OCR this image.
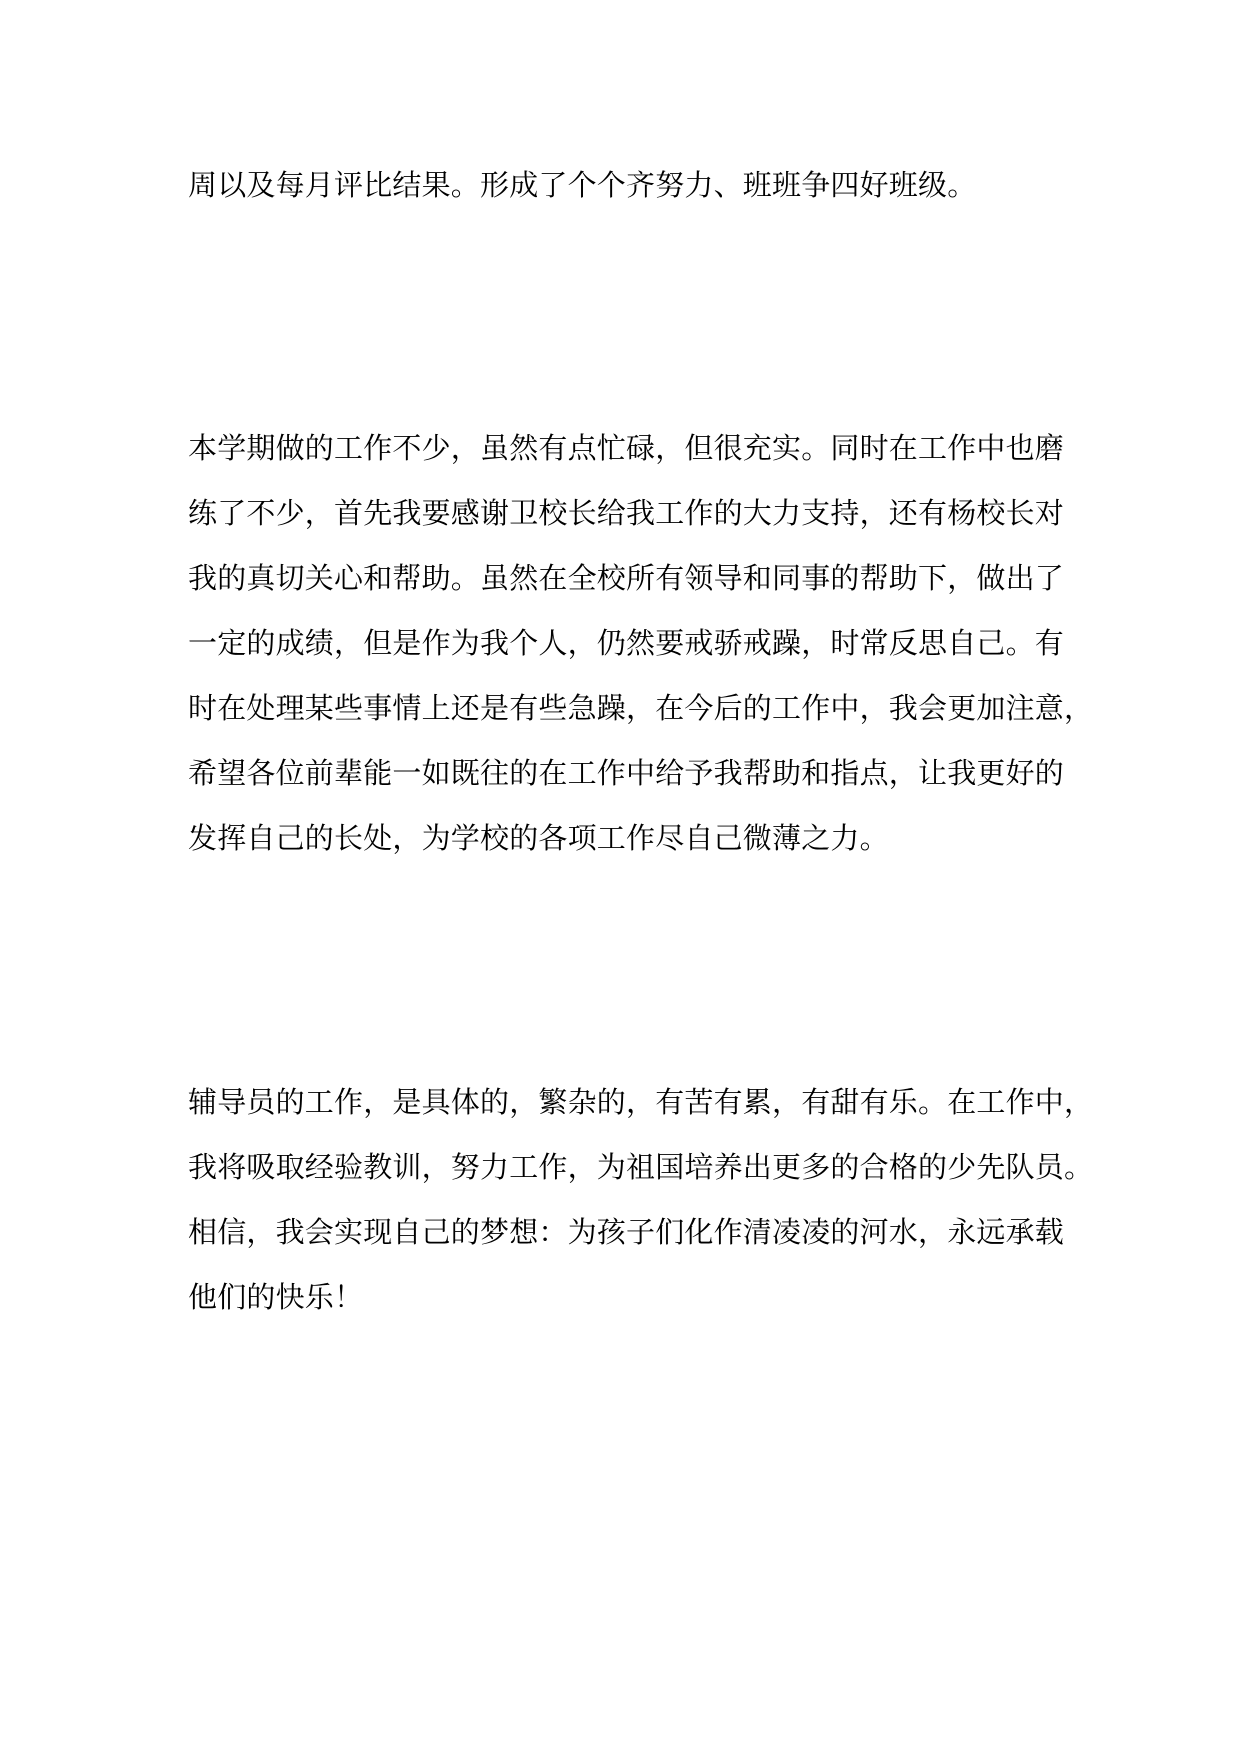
周以及每月评比结果。形成了个个齐努力、班班争四好班级。
本学期做的工作不少，虽然有点忙碌，但很充实。同时在工作中也磨
练了不少，首先我要感谢卫校长给我工作的大力支持，还有杨校长对
我的真切关心和帮助。虽然在全校所有领导和同事的帮助下，做出了
一定的成绩，但是作为我个人，仍然要戒骄戒躁，时常反思自己。有
时在处理某些事情上还是有些急躁，在今后的工作中，我会更加注意，
希望各位前辈能一如既往的在工作中给予我帮助和指点，让我更好的
发挥自己的长处，为学校的各项工作尽自己微薄之力。
辅导员的工作，是具体的，繁杂的，有苦有累，有甜有乐。在工作中，
我将吸取经验教训，努力工作，为祖国培养出更多的合格的少先队员。
相信，我会实现自己的梦想：为孩子们化作清凌凌的河水，永远承载
他们的快乐！
